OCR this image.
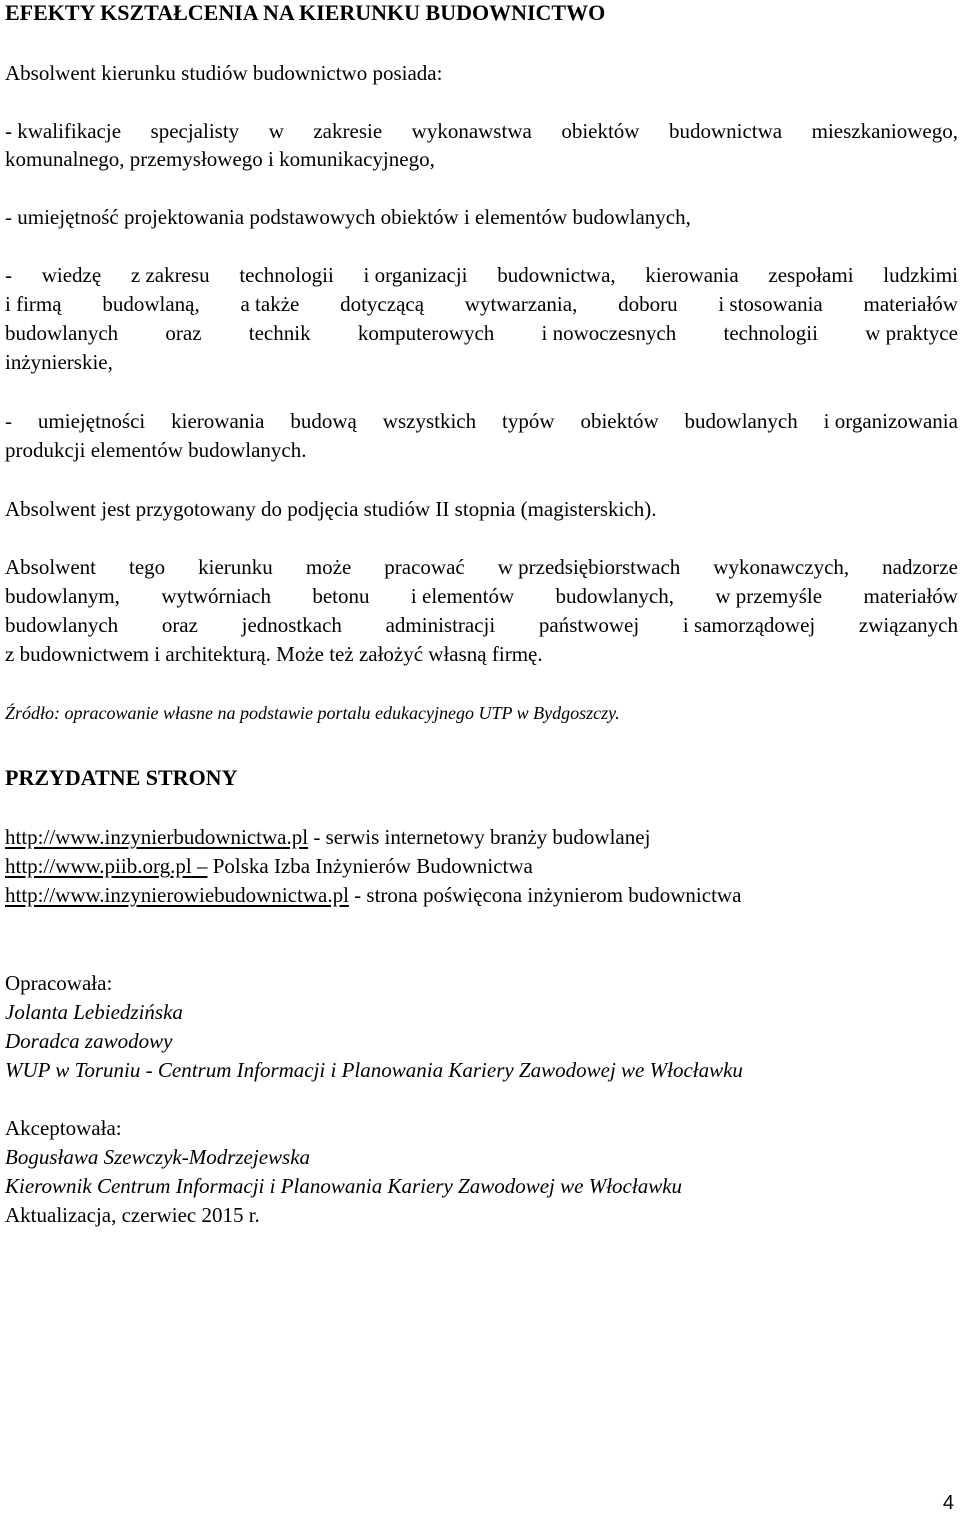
EFEKTY KSZTAŁCENIA NA KIERUNKU BUDOWNICTWO
Absolwent kierunku studiów budownictwo posiada:
- kwalifikacje specjalisty w zakresie wykonawstwa obiektów budownictwa mieszkaniowego,
komunalnego, przemysłowego i komunikacyjnego,
- umiejętność projektowania podstawowych obiektów i elementów budowlanych,
- wiedzę z zakresu technologii i organizacji budownictwa, kierowania zespołami ludzkimi
i firmą budowlaną, a także dotyczącą wytwarzania, doboru i stosowania materiałów
budowlanych oraz technik komputerowych i nowoczesnych technologii w praktyce
inżynierskie,
- umiejętności kierowania budową wszystkich typów obiektów budowlanych i organizowania
produkcji elementów budowlanych.
Absolwent jest przygotowany do podjęcia studiów II stopnia (magisterskich).
Absolwent tego kierunku może pracować w przedsiębiorstwach wykonawczych, nadzorze
budowlanym, wytwórniach betonu i elementów budowlanych, w przemyśle materiałów
budowlanych oraz jednostkach administracji państwowej i samorządowej związanych
z budownictwem i architekturą. Może też założyć własną firmę.
Źródło: opracowanie własne na podstawie portalu edukacyjnego UTP w Bydgoszczy.
PRZYDATNE STRONY
http://www.inzynierbudownictwa.pl - serwis internetowy branży budowlanej
http://www.piib.org.pl – Polska Izba Inżynierów Budownictwa
http://www.inzynierowiebudownictwa.pl - strona poświęcona inżynierom budownictwa
Opracowała:
Jolanta Lebiedzińska
Doradca zawodowy
WUP w Toruniu - Centrum Informacji i Planowania Kariery Zawodowej we Włocławku
Akceptowała:
Bogusława Szewczyk-Modrzejewska
Kierownik Centrum Informacji i Planowania Kariery Zawodowej we Włocławku
Aktualizacja, czerwiec 2015 r.
4
